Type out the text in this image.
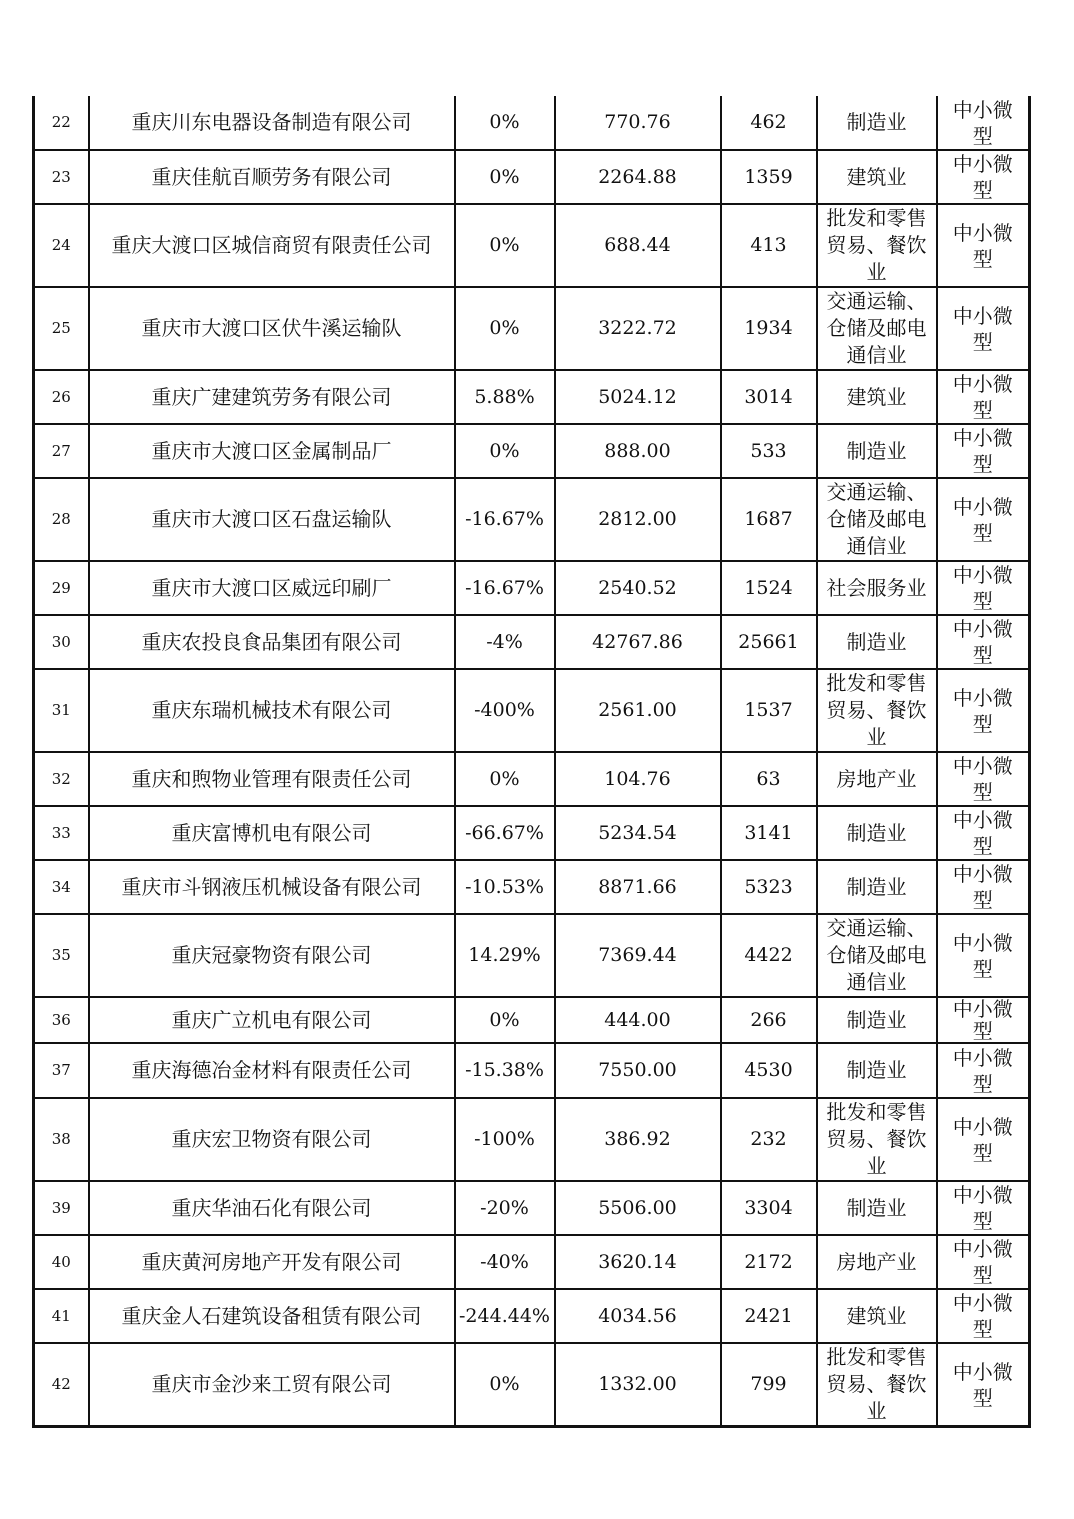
22	重庆川东电器设备制造有限公司	0%	770.76	462	制造业	中小微型
23	重庆佳航百顺劳务有限公司	0%	2264.88	1359	建筑业	中小微型
24	重庆大渡口区城信商贸有限责任公司	0%	688.44	413	批发和零售贸易、餐饮业	中小微型
25	重庆市大渡口区伏牛溪运输队	0%	3222.72	1934	交通运输、仓储及邮电通信业	中小微型
26	重庆广建建筑劳务有限公司	5.88%	5024.12	3014	建筑业	中小微型
27	重庆市大渡口区金属制品厂	0%	888.00	533	制造业	中小微型
28	重庆市大渡口区石盘运输队	-16.67%	2812.00	1687	交通运输、仓储及邮电通信业	中小微型
29	重庆市大渡口区威远印刷厂	-16.67%	2540.52	1524	社会服务业	中小微型
30	重庆农投良食品集团有限公司	-4%	42767.86	25661	制造业	中小微型
31	重庆东瑞机械技术有限公司	-400%	2561.00	1537	批发和零售贸易、餐饮业	中小微型
32	重庆和煦物业管理有限责任公司	0%	104.76	63	房地产业	中小微型
33	重庆富博机电有限公司	-66.67%	5234.54	3141	制造业	中小微型
34	重庆市斗钢液压机械设备有限公司	-10.53%	8871.66	5323	制造业	中小微型
35	重庆冠豪物资有限公司	14.29%	7369.44	4422	交通运输、仓储及邮电通信业	中小微型
36	重庆广立机电有限公司	0%	444.00	266	制造业	中小微型
37	重庆海德冶金材料有限责任公司	-15.38%	7550.00	4530	制造业	中小微型
38	重庆宏卫物资有限公司	-100%	386.92	232	批发和零售贸易、餐饮业	中小微型
39	重庆华油石化有限公司	-20%	5506.00	3304	制造业	中小微型
40	重庆黄河房地产开发有限公司	-40%	3620.14	2172	房地产业	中小微型
41	重庆金人石建筑设备租赁有限公司	-244.44%	4034.56	2421	建筑业	中小微型
42	重庆市金沙来工贸有限公司	0%	1332.00	799	批发和零售贸易、餐饮业	中小微型
